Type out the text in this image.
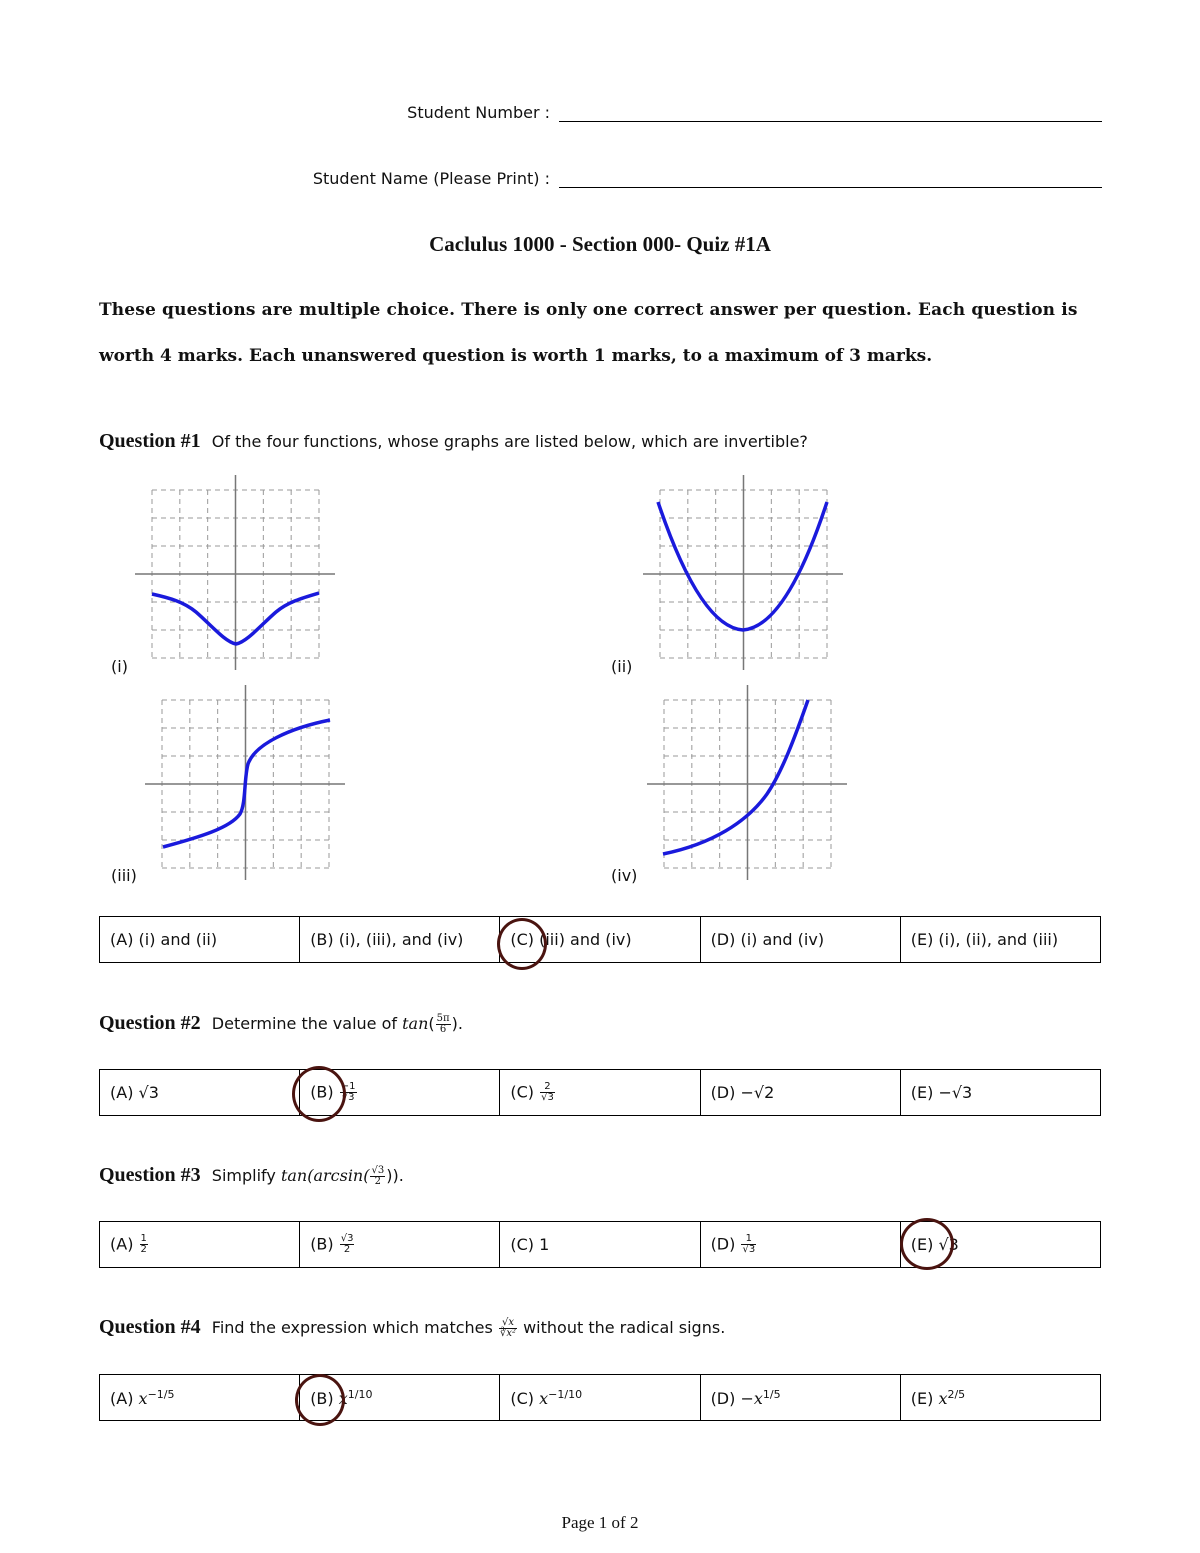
Student Number :
Student Name (Please Print) :
Caclulus 1000 - Section 000- Quiz #1A
These questions are multiple choice. There is only one correct answer per question. Each question is
worth 4 marks. Each unanswered question is worth 1 marks, to a maximum of 3 marks.
Question #1 Of the four functions, whose graphs are listed below, which are invertible?
(i)	(ii)
(iii)	(iv)
(A) (i) and (ii)	(B) (i), (iii), and (iv)	(C) (iii) and (iv)	(D) (i) and (iv)	(E) (i), (ii), and (iii)
Question #2 Determine the value of $\tan( \frac{5\pi}{6}$ ).
(A) √3	$(B) \frac{-1}{√3}$	$(C) \frac{2}{√3}$	(D) −√2	(E) −√3
Question #3 Simplify $\tan(\arcsin( \frac{√3}{2}$ )).
$(A) \frac{1}{2}$	$(B) \frac{√3}{2}$	(C) 1	$(D) \frac{1}{√3}$	(E) √3
Question #4 Find the expression which matches $\frac{√x}{\text{∛x²}}$ without the radical signs.
(A) $x^{-1/5}$	(B) $x^{1/10}$	(C) $x^{-1/10}$	$(D) -x^{1/5}$	(E) $x^{2/5}$
Page 1 of 2
